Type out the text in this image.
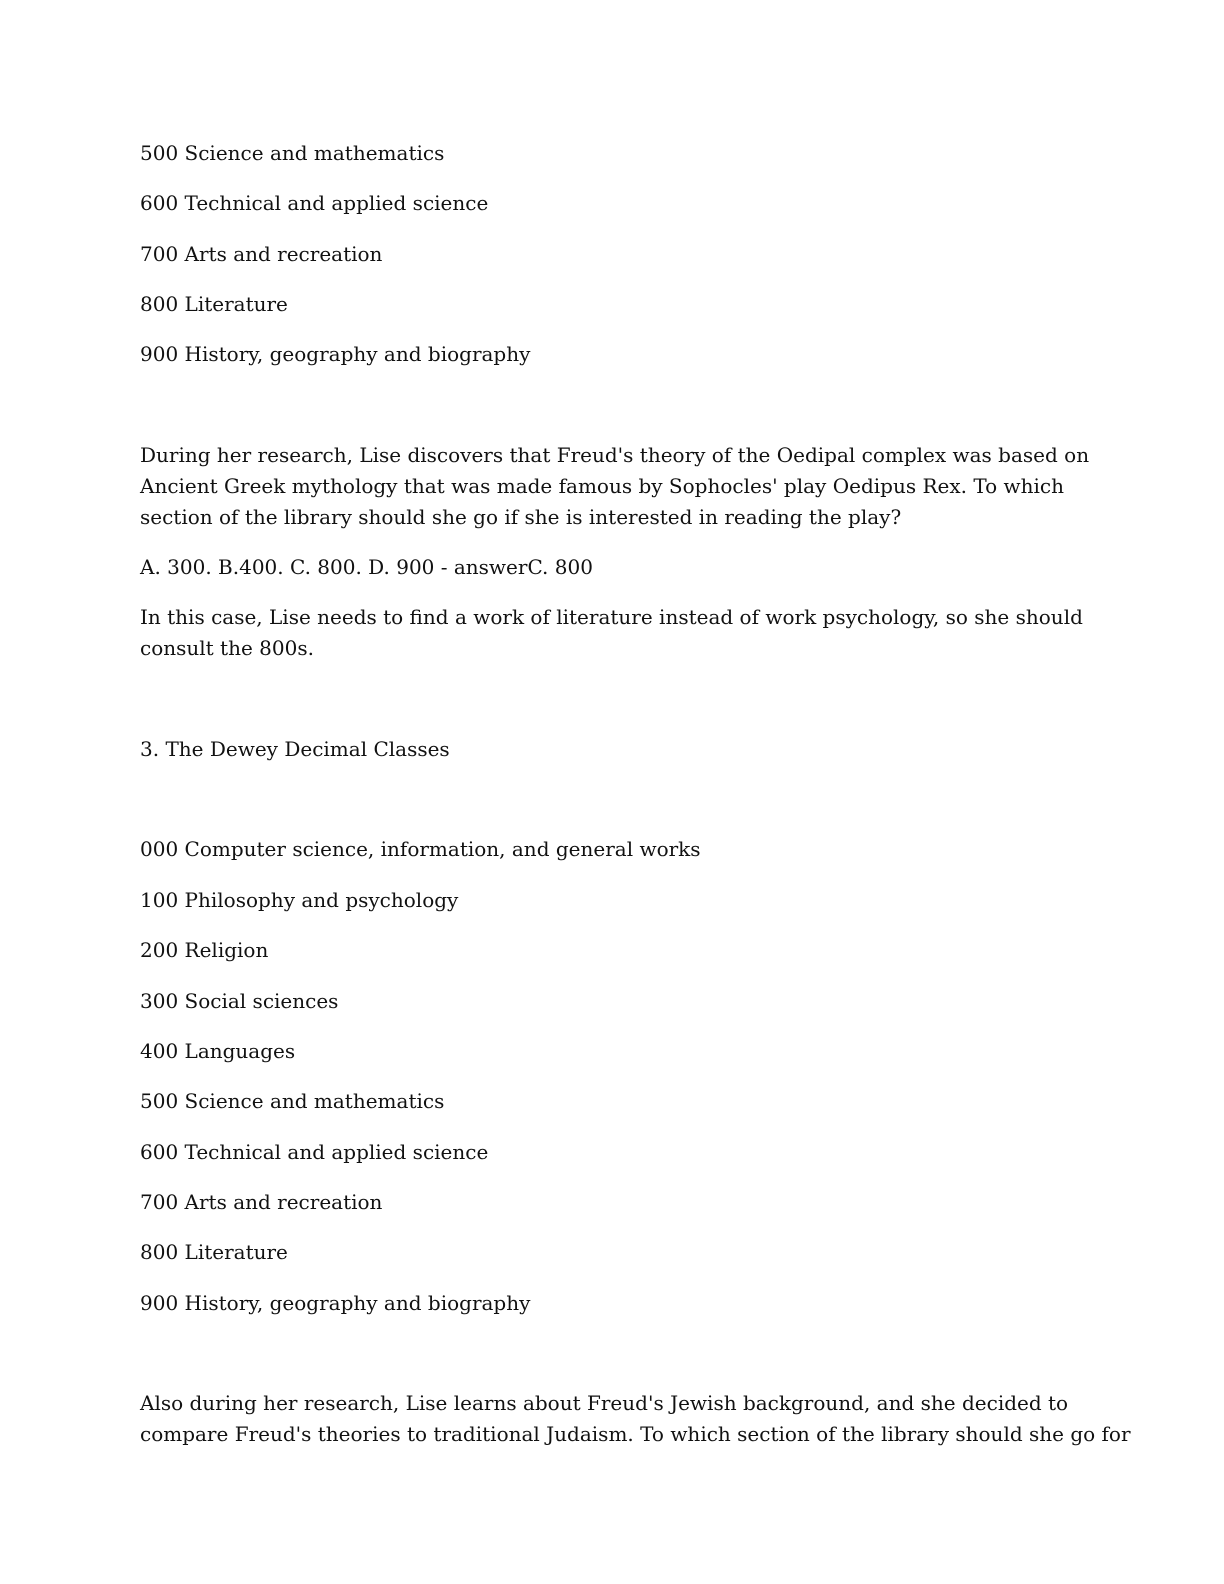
500 Science and mathematics

600 Technical and applied science

700 Arts and recreation

800 Literature

900 History, geography and biography

During her research, Lise discovers that Freud's theory of the Oedipal complex was based on

Ancient Greek mythology that was made famous by Sophocles' play Oedipus Rex. To which

section of the library should she go if she is interested in reading the play?

A. 300. B.400. C. 800. D. 900 - answerC. 800

In this case, Lise needs to find a work of literature instead of work psychology, so she should

consult the 800s.

3. The Dewey Decimal Classes

000 Computer science, information, and general works

100 Philosophy and psychology

200 Religion

300 Social sciences

400 Languages

500 Science and mathematics

600 Technical and applied science

700 Arts and recreation

800 Literature

900 History, geography and biography

Also during her research, Lise learns about Freud's Jewish background, and she decided to

compare Freud's theories to traditional Judaism. To which section of the library should she go for
